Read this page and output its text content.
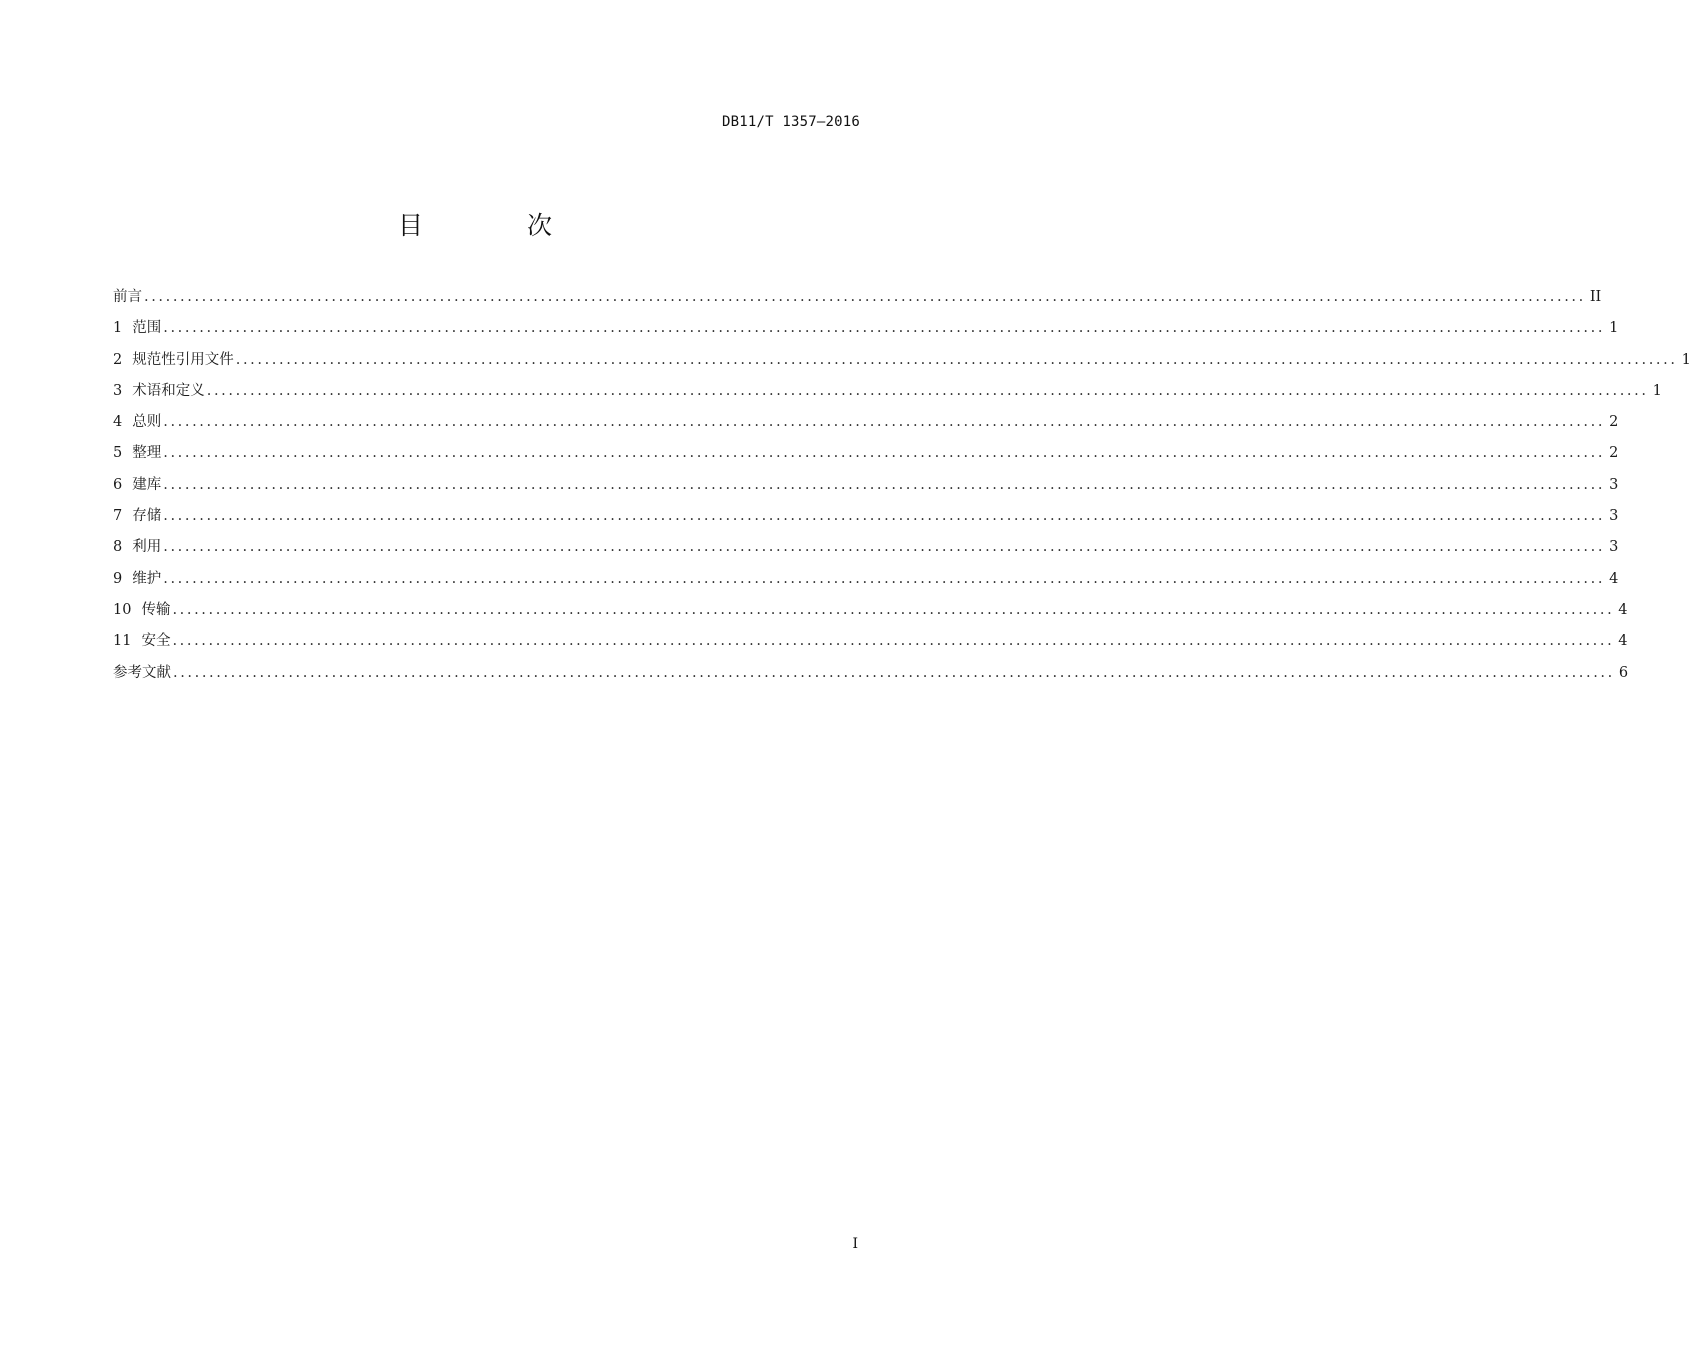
DB11/T 1357—2016
目 次
前言 ........................................................................................................................................................................................................ II
1 范围 ........................................................................................................................................................................................................ 1
2 规范性引用文件 ........................................................................................................................................................................................................ 1
3 术语和定义 ........................................................................................................................................................................................................ 1
4 总则 ........................................................................................................................................................................................................ 2
5 整理 ........................................................................................................................................................................................................ 2
6 建库 ........................................................................................................................................................................................................ 3
7 存储 ........................................................................................................................................................................................................ 3
8 利用 ........................................................................................................................................................................................................ 3
9 维护 ........................................................................................................................................................................................................ 4
10 传输 ........................................................................................................................................................................................................ 4
11 安全 ........................................................................................................................................................................................................ 4
参考文献 ........................................................................................................................................................................................................ 6
I
